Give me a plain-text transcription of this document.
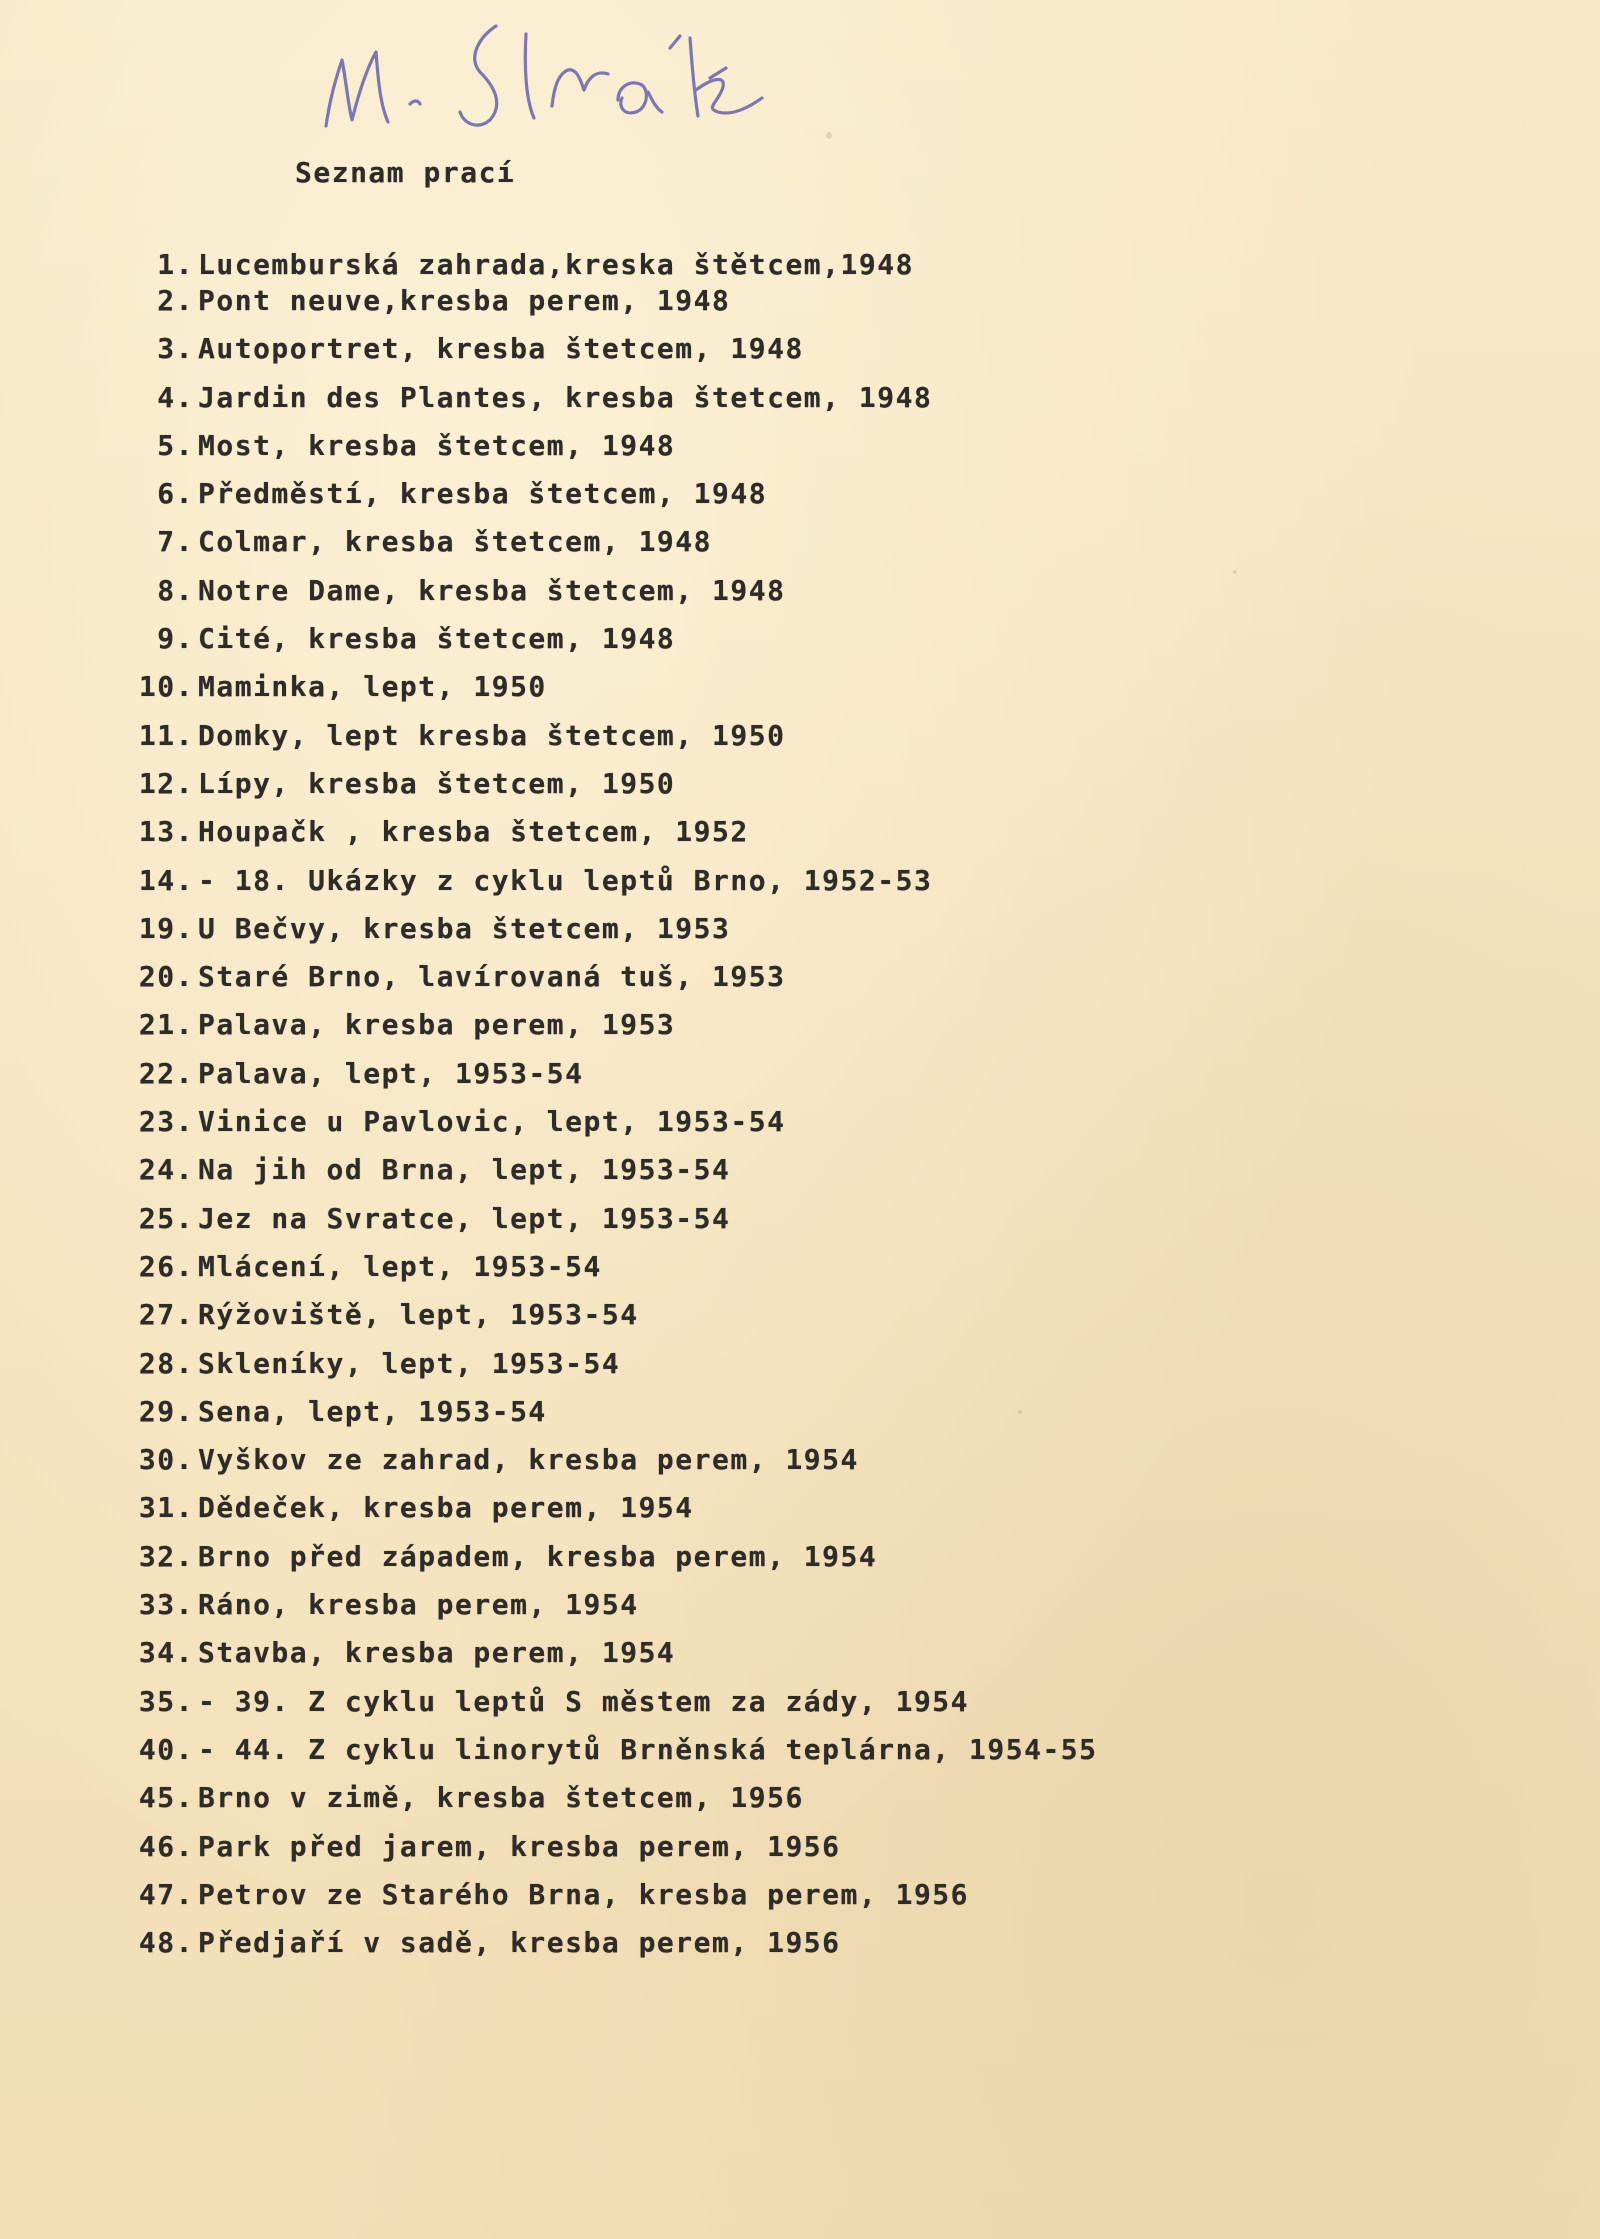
Seznam prací
1. Lucemburská zahrada,kreska štětcem,1948
2. Pont neuve,kresba perem, 1948
3. Autoportret, kresba štetcem, 1948
4. Jardin des Plantes, kresba štetcem, 1948
5. Most, kresba štetcem, 1948
6. Předměstí, kresba štetcem, 1948
7. Colmar, kresba štetcem, 1948
8. Notre Dame, kresba štetcem, 1948
9. Cité, kresba štetcem, 1948
10. Maminka, lept, 1950
11. Domky, lept kresba štetcem, 1950
12. Lípy, kresba štetcem, 1950
13. Houpačk , kresba štetcem, 1952
14. - 18. Ukázky z cyklu leptů Brno, 1952-53
19. U Bečvy, kresba štetcem, 1953
20. Staré Brno, lavírovaná tuš, 1953
21. Palava, kresba perem, 1953
22. Palava, lept, 1953-54
23. Vinice u Pavlovic, lept, 1953-54
24. Na jih od Brna, lept, 1953-54
25. Jez na Svratce, lept, 1953-54
26. Mlácení, lept, 1953-54
27. Rýžoviště, lept, 1953-54
28. Skleníky, lept, 1953-54
29. Sena, lept, 1953-54
30. Vyškov ze zahrad, kresba perem, 1954
31. Dědeček, kresba perem, 1954
32. Brno před západem, kresba perem, 1954
33. Ráno, kresba perem, 1954
34. Stavba, kresba perem, 1954
35. - 39. Z cyklu leptů S městem za zády, 1954
40. - 44. Z cyklu linorytů Brněnská teplárna, 1954-55
45. Brno v zimě, kresba štetcem, 1956
46. Park před jarem, kresba perem, 1956
47. Petrov ze Starého Brna, kresba perem, 1956
48. Předjaří v sadě, kresba perem, 1956
